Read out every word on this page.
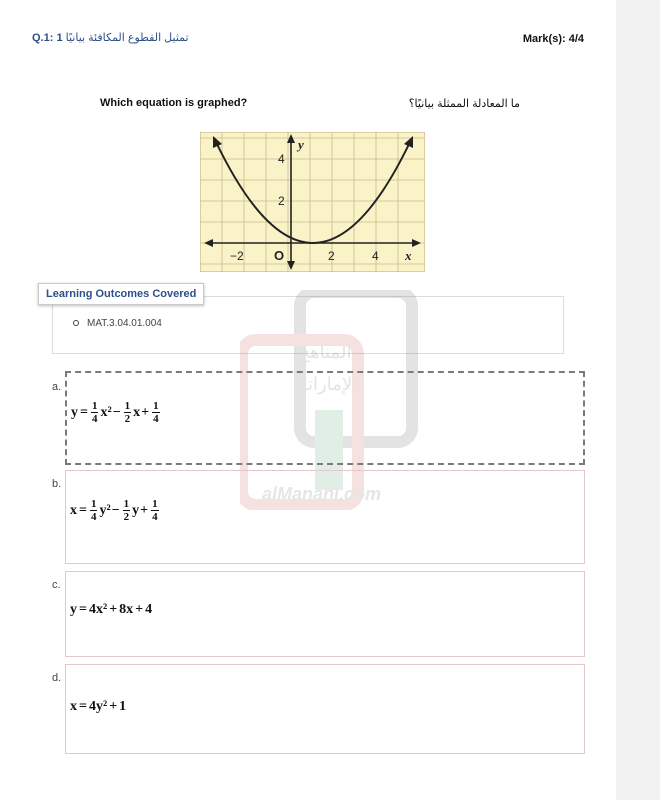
Q.1: 1 تمثيل القطوع المكافئة بيانيًا	Mark(s): 4/4
Which equation is graphed?	ما المعادلة الممثلة بيانيًا؟
y
x
O
−2	2	4
2
4
Learning Outcomes Covered
MAT.3.04.01.004
المناهج
الإماراتية
alManahj.com
a.
$y = \frac{1}{4} x^2 - \frac{1}{2}$ $x + \frac{1}{4}$
b.
$x = \frac{1}{4} y^2 - \frac{1}{2}$ $y + \frac{1}{4}$
c.
y = 4x² + 8x + 4
d.
x = 4y² + 1
